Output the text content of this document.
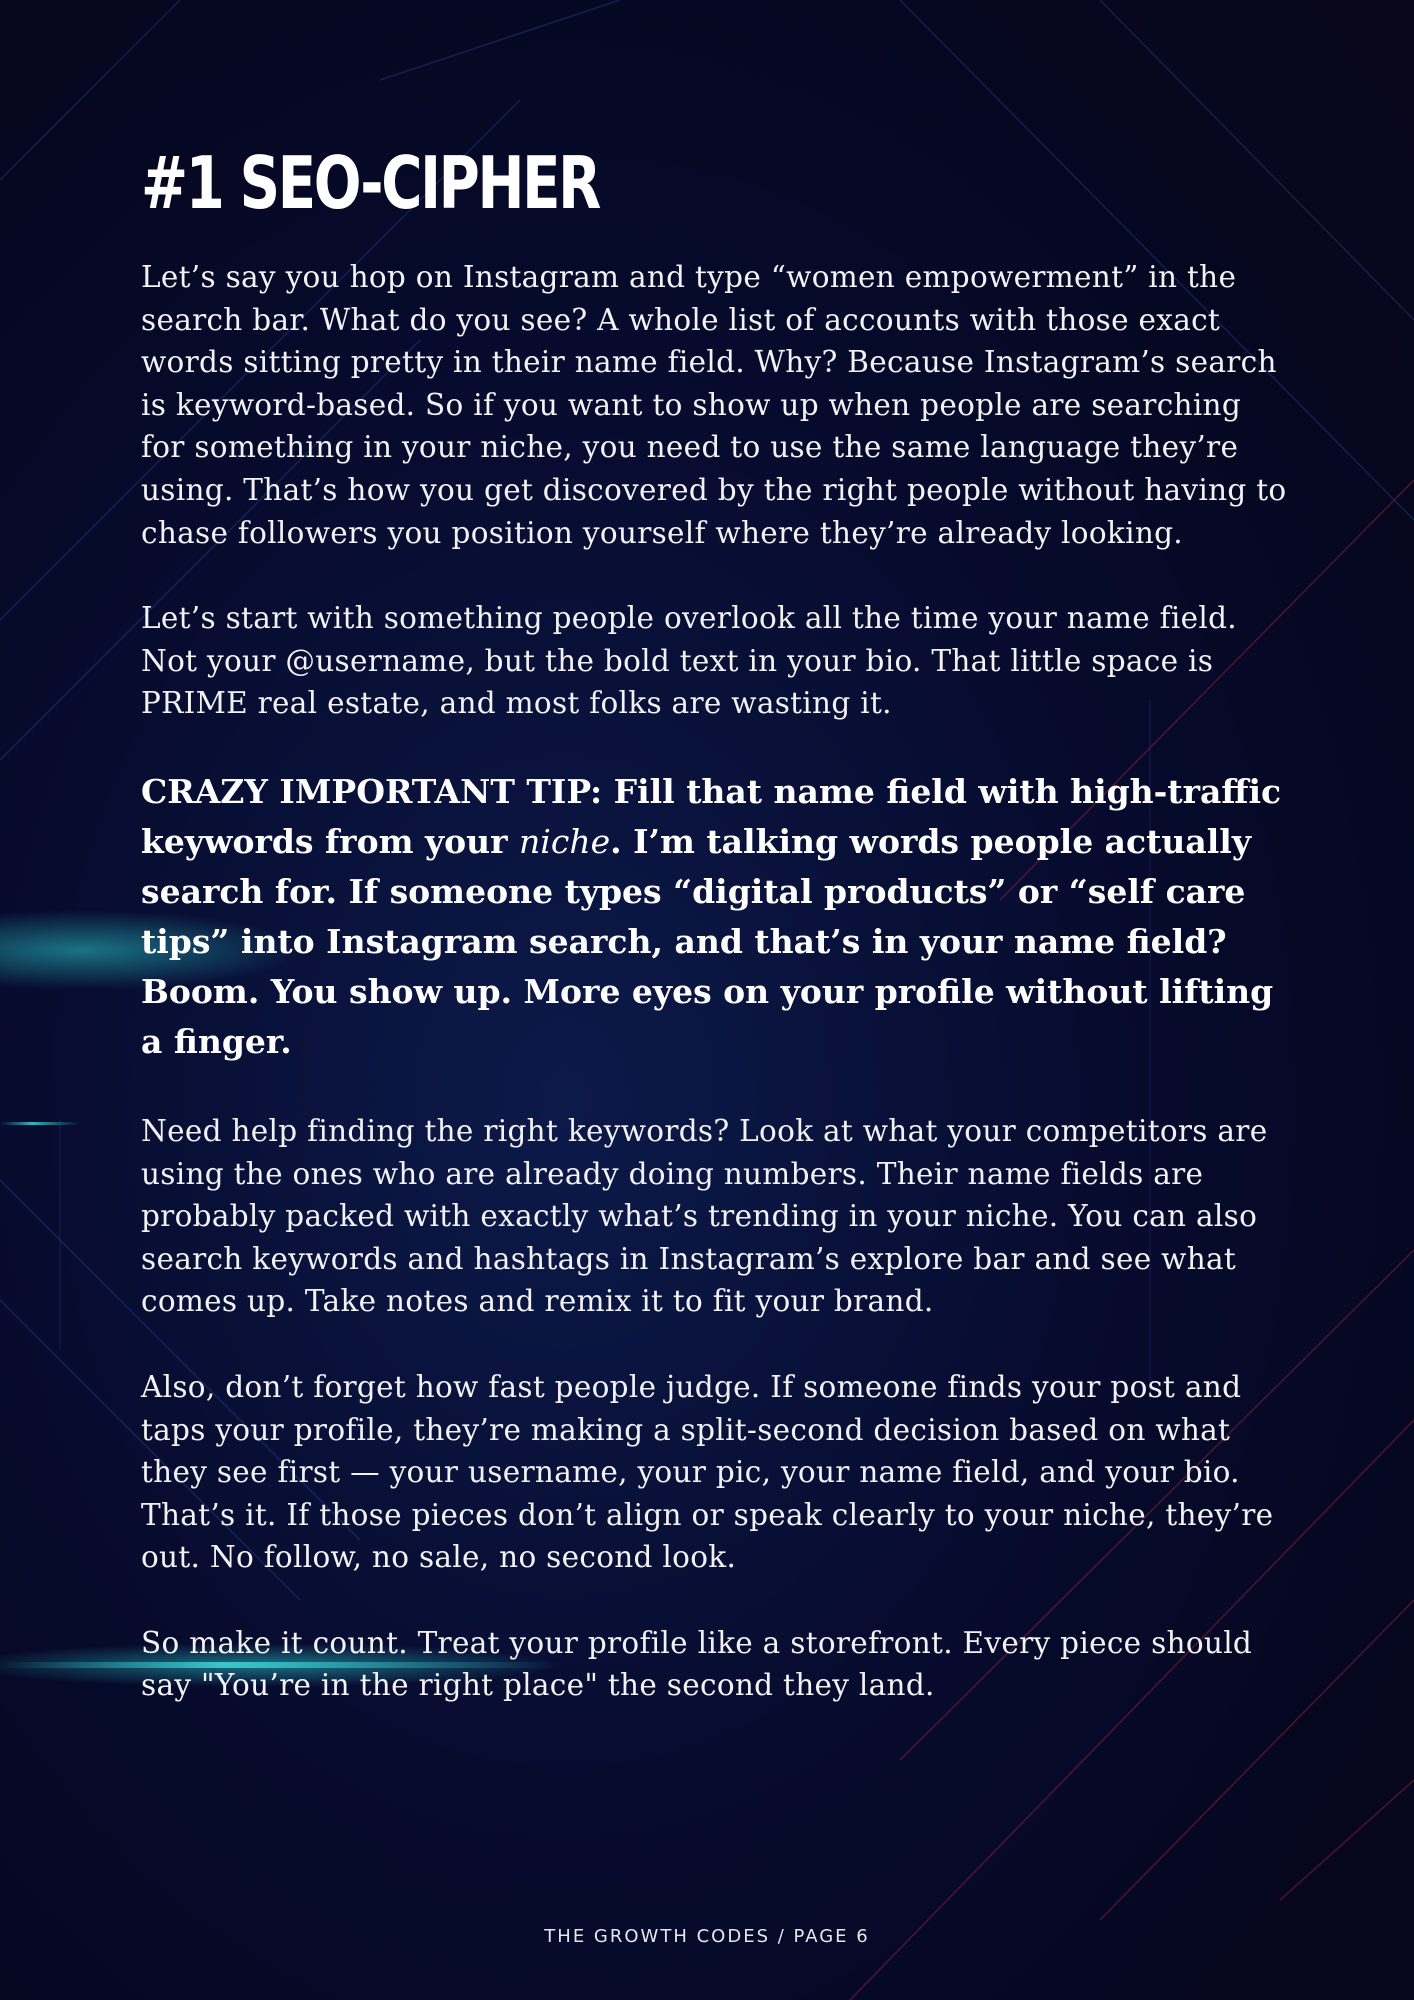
#1 SEO-CIPHER

Let’s say you hop on Instagram and type “women empowerment” in the search bar. What do you see? A whole list of accounts with those exact words sitting pretty in their name field. Why? Because Instagram’s search is keyword-based. So if you want to show up when people are searching for something in your niche, you need to use the same language they’re using. That’s how you get discovered by the right people without having to chase followers you position yourself where they’re already looking.

Let’s start with something people overlook all the time your name field. Not your @username, but the bold text in your bio. That little space is PRIME real estate, and most folks are wasting it.

CRAZY IMPORTANT TIP: Fill that name field with high-traffic keywords from your niche. I’m talking words people actually search for. If someone types “digital products” or “self care tips” into Instagram search, and that’s in your name field? Boom. You show up. More eyes on your profile without lifting a finger.

Need help finding the right keywords? Look at what your competitors are using the ones who are already doing numbers. Their name fields are probably packed with exactly what’s trending in your niche. You can also search keywords and hashtags in Instagram’s explore bar and see what comes up. Take notes and remix it to fit your brand.

Also, don’t forget how fast people judge. If someone finds your post and taps your profile, they’re making a split-second decision based on what they see first — your username, your pic, your name field, and your bio. That’s it. If those pieces don’t align or speak clearly to your niche, they’re out. No follow, no sale, no second look.

So make it count. Treat your profile like a storefront. Every piece should say "You’re in the right place" the second they land.

THE GROWTH CODES / PAGE 6
